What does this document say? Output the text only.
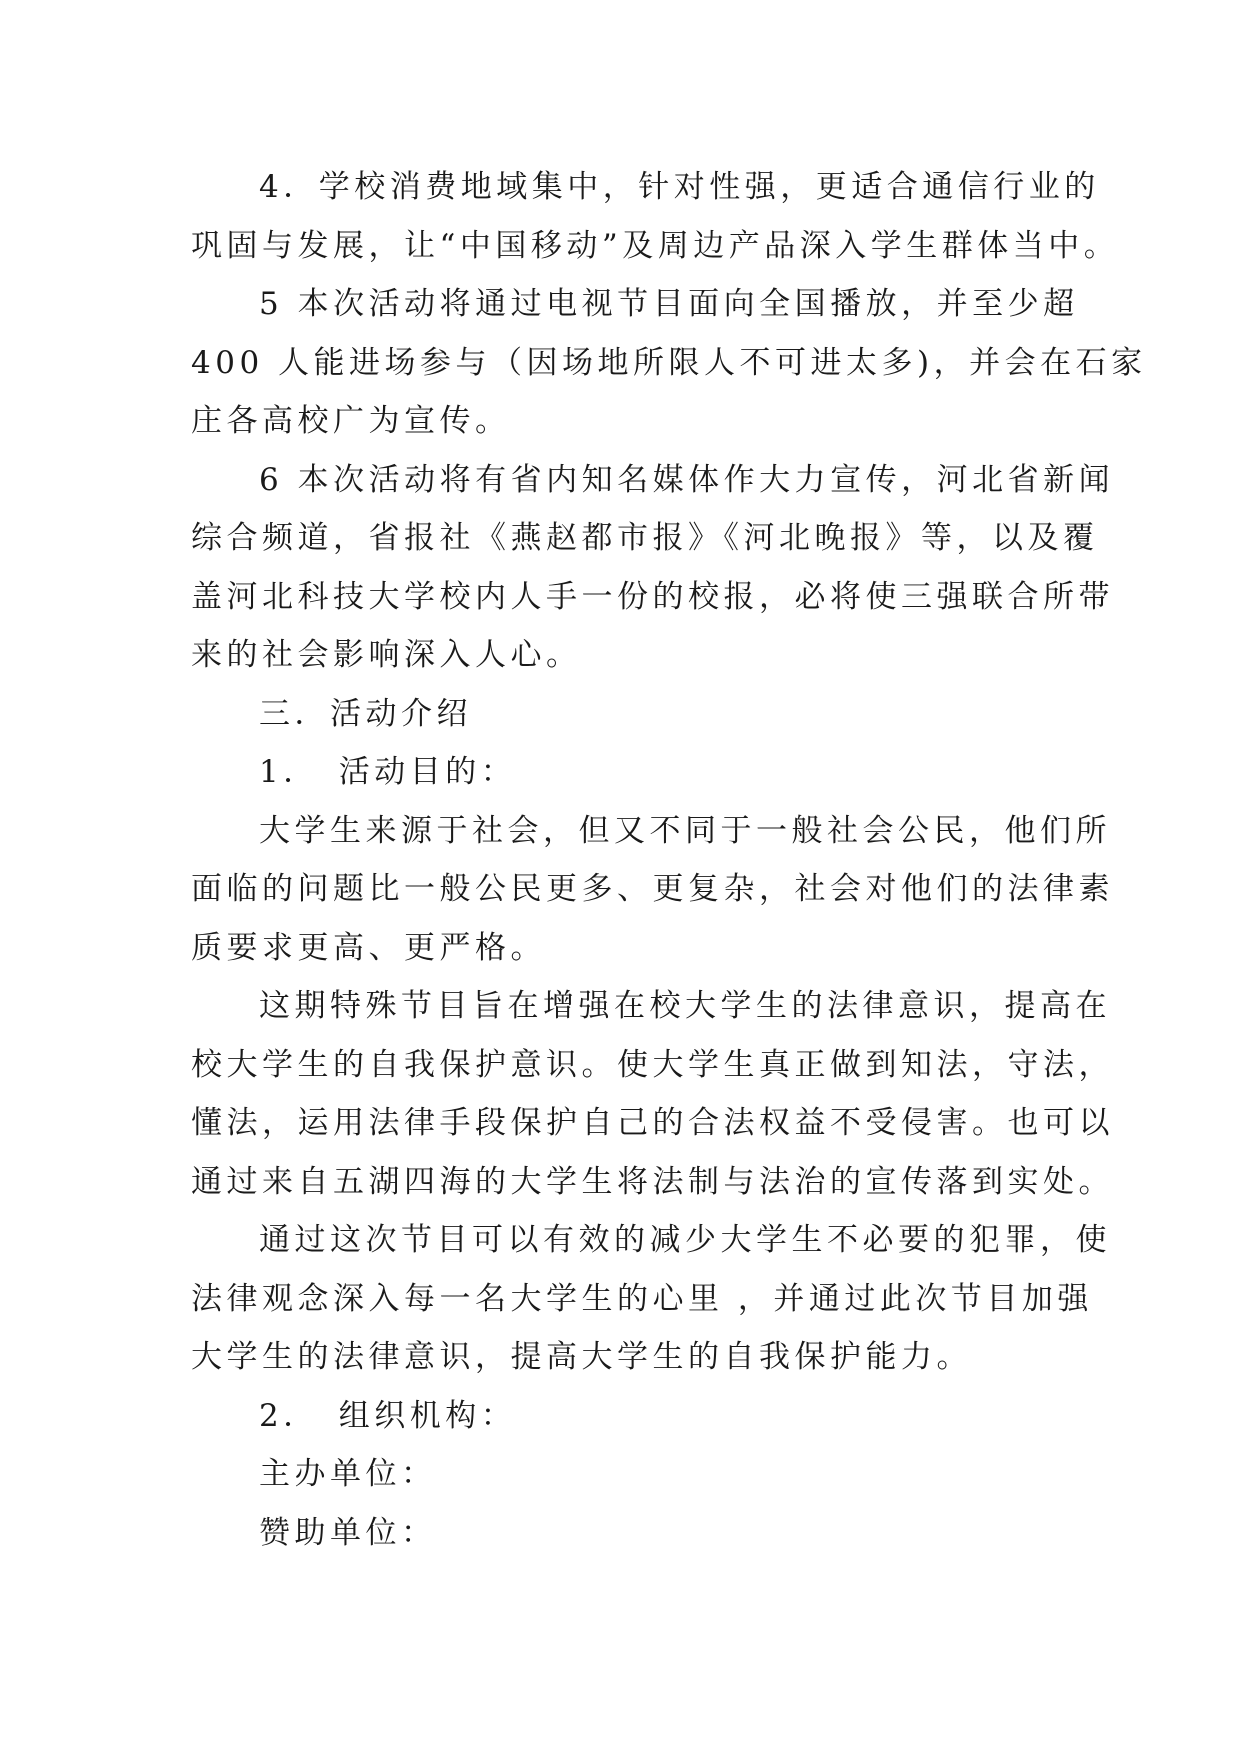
4．学校消费地域集中，针对性强，更适合通信行业的
巩固与发展，让“中国移动”及周边产品深入学生群体当中。
5 本次活动将通过电视节目面向全国播放，并至少超
400 人能进场参与（因场地所限人不可进太多)，并会在石家
庄各高校广为宣传。
6 本次活动将有省内知名媒体作大力宣传，河北省新闻
综合频道，省报社《燕赵都市报》《河北晚报》等，以及覆
盖河北科技大学校内人手一份的校报，必将使三强联合所带
来的社会影响深入人心。
三．活动介绍
1．　活动目的：
大学生来源于社会，但又不同于一般社会公民，他们所
面临的问题比一般公民更多、更复杂，社会对他们的法律素
质要求更高、更严格。
这期特殊节目旨在增强在校大学生的法律意识，提高在
校大学生的自我保护意识。使大学生真正做到知法，守法，
懂法，运用法律手段保护自己的合法权益不受侵害。也可以
通过来自五湖四海的大学生将法制与法治的宣传落到实处。
通过这次节目可以有效的减少大学生不必要的犯罪，使
法律观念深入每一名大学生的心里 ，并通过此次节目加强
大学生的法律意识，提高大学生的自我保护能力。
2．　组织机构：
主办单位：
赞助单位：
